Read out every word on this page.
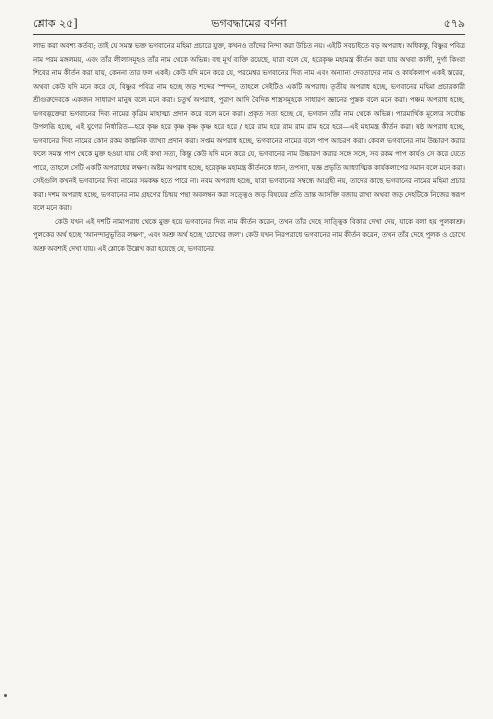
শ্লোক ২৫]	ভগবদ্ধামের বর্ণনা	৫৭৯

লাভ করা অবশ্য কর্তব্য; তাই যে সমস্ত ভক্ত ভগবানের মহিমা প্রচারে যুক্ত, কখনও তাঁদের নিন্দা করা উচিত নয়। এইটি সবচাইতে বড় অপরাধ। অধিকন্তু, বিষ্ণুর পবিত্র নাম পরম মঙ্গলময়, এবং তাঁর লীলাসমূহও তাঁর নাম থেকে অভিন্ন। বহু মূর্খ ব্যক্তি রয়েছে, যারা বলে যে, হরেকৃষ্ণ মহামন্ত্র কীর্তন করা যায় অথবা কালী, দুর্গা কিংবা শিবের নাম কীর্তন করা যায়, কেননা তার ফল একই। কেউ যদি মনে করে যে, পরমেশ্বর ভগবানের দিব্য নাম এবং অন্যান্য দেবতাদের নাম ও কার্যকলাপ একই স্তরের, অথবা কেউ যদি মনে করে যে, বিষ্ণুর পবিত্র নাম হচ্ছে জড় শব্দের স্পন্দন, তাহলে সেইটিও একটি অপরাধ। তৃতীয় অপরাধ হচ্ছে, ভগবানের মহিমা প্রচারকারী শ্রীগুরুদেবকে একজন সাধারণ মানুষ বলে মনে করা। চতুর্থ অপরাধ, পুরাণ আদি বৈদিক শাস্ত্রসমূহকে সাধারণ জ্ঞানের পুস্তক বলে মনে করা। পঞ্চম অপরাধ হচ্ছে, ভগবদ্ভক্তেরা ভগবানের দিব্য নামের কৃত্রিম মাহাত্ম্য প্রদান করে বলে মনে করা। প্রকৃত সত্য হচ্ছে যে, ভগবান তাঁর নাম থেকে অভিন্ন। পারমার্থিক মূল্যের সর্বোচ্চ উপলব্ধি হচ্ছে, এই যুগের নির্ধারিত—হরে কৃষ্ণ হরে কৃষ্ণ কৃষ্ণ কৃষ্ণ হরে হরে / হরে রাম হরে রাম রাম রাম হরে হরে—এই মহামন্ত্র কীর্তন করা। ষষ্ঠ অপরাধ হচ্ছে, ভগবানের দিব্য নামের কোন রকম কাল্পনিক ব্যাখ্যা প্রদান করা। সপ্তম অপরাধ হচ্ছে, ভগবানের নামের বলে পাপ আচরণ করা। কেবল ভগবানের নাম উচ্চারণ করার ফলে সমস্ত পাপ থেকে মুক্ত হওয়া যায় সেই কথা সত্য, কিন্তু কেউ যদি মনে করে যে, ভগবানের নাম উচ্চারণ করার সঙ্গে সঙ্গে, সব রকম পাপ কার্যও সে করে যেতে পারে, তাহলে সেটি একটি অপরাধের লক্ষণ। অষ্টম অপরাধ হচ্ছে, হরেকৃষ্ণ মহামন্ত্র কীর্তনকে ধ্যান, তপস্যা, যজ্ঞ প্রভৃতি আধ্যাত্মিক কার্যকলাপের সমান বলে মনে করা। সেইগুলি কখনই ভগবানের দিব্য নামের সমকক্ষ হতে পারে না। নবম অপরাধ হচ্ছে, যারা ভগবানের সম্বন্ধে আগ্রহী নয়, তাদের কাছে ভগবানের নামের মহিমা প্রচার করা। দশম অপরাধ হচ্ছে, ভগবানের নাম গ্রহণের চিন্ময় পন্থা অবলম্বন করা সত্ত্বেও জড় বিষয়ের প্রতি ভ্রান্ত আসক্তি বজায় রাখা অথবা জড় দেহটিকে নিজের স্বরূপ বলে মনে করা।

কেউ যখন এই দশটি নামাপরাধ থেকে মুক্ত হয়ে ভগবানের দিব্য নাম কীর্তন করেন, তখন তাঁর দেহে সাত্ত্বিক বিকার দেখা দেয়, যাকে বলা হয় পুলকাশ্রু। পুলকের অর্থ হচ্ছে 'আনন্দানুভূতির লক্ষণ', এবং অশ্রু অর্থ হচ্ছে 'চোখের জল'। কেউ যখন নিরপরাধে ভগবানের নাম কীর্তন করেন, তখন তাঁর দেহে পুলক ও চোখে অশ্রু অবশ্যই দেখা যায়। এই শ্লোকে উল্লেখ করা হয়েছে যে, ভগবানের
